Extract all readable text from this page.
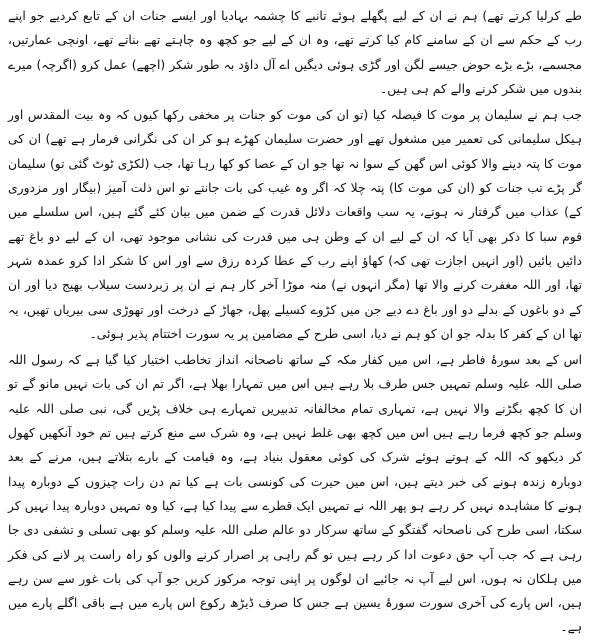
طے کرلیا کرتے تھے) ہم نے ان کے لیے پگھلے ہوئے تانبے کا چشمہ بہادیا اور ایسے جنات ان کے تابع کردیے جو اپنے رب کے حکم سے ان کے سامنے کام کیا کرتے تھے، وہ ان کے لیے جو کچھ وہ چاہتے تھے بناتے تھے، اونچی عمارتیں، مجسمے، بڑے بڑے حوض جیسے لگن اور گڑی ہوئی دیگیں اے آل داؤد بہ طور شکر (اچھے) عمل کرو (اگرچہ) میرے بندوں میں شکر کرنے والے کم ہی ہیں۔

جب ہم نے سلیمان پر موت کا فیصلہ کیا (تو ان کی موت کو جنات پر مخفی رکھا کیوں کہ وہ بیت المقدس اور ہیکل سلیمانی کی تعمیر میں مشغول تھے اور حضرت سلیمان کھڑے ہو کر ان کی نگرانی فرمار ہے تھے) ان کی موت کا پتہ دینے والا کوئی اس گھن کے سوا نہ تھا جو ان کے عصا کو کھا رہا تھا، جب (لکڑی ٹوٹ گئی تو) سلیمان گر پڑے تب جنات کو (ان کی موت کا) پتہ چلا کہ اگر وہ غیب کی بات جانتے تو اس ذلت آمیز (بیگار اور مزدوری کے) عذاب میں گرفتار نہ ہوتے، یہ سب واقعات دلائل قدرت کے ضمن میں بیان کئے گئے ہیں، اس سلسلے میں قوم سبا کا ذکر بھی آیا کہ ان کے لیے ان کے وطن ہی میں قدرت کی نشانی موجود تھی، ان کے لیے دو باغ تھے دائیں بائیں (اور انہیں اجازت تھی کہ) کھاؤ اپنے رب کے عطا کردہ رزق سے اور اس کا شکر ادا کرو عمدہ شہر تھا، اور اللہ مغفرت کرنے والا تھا (مگر انہوں نے) منہ موڑا آخر کار ہم نے ان پر زبردست سیلاب بھیج دیا اور ان کے دو باغوں کے بدلے دو اور باغ دے دیے جن میں کڑوے کسیلے پھل، جھاڑ کے درخت اور تھوڑی سی بیریاں تھیں، یہ تھا ان کے کفر کا بدلہ جو ان کو ہم نے دیا، اسی طرح کے مضامین پر یہ سورت اختتام پذیر ہوئی۔

اس کے بعد سورۂ فاطر ہے، اس میں کفار مکہ کے ساتھ ناصحانہ انداز تخاطب اختیار کیا گیا ہے کہ رسول اللہ صلی اللہ علیہ وسلم تمہیں جس طرف بلا رہے ہیں اس میں تمہارا بھلا ہے، اگر تم ان کی بات نہیں مانو گے تو ان کا کچھ بگڑنے والا نہیں ہے، تمہاری تمام مخالفانہ تدبیریں تمہارے ہی خلاف پڑیں گی، نبی صلی اللہ علیہ وسلم جو کچھ فرما رہے ہیں اس میں کچھ بھی غلط نہیں ہے، وہ شرک سے منع کرتے ہیں تم خود آنکھیں کھول کر دیکھو کہ اللہ کے ہوتے ہوئے شرک کی کوئی معقول بنیاد ہے، وہ قیامت کے بارے بتلاتے ہیں، مرنے کے بعد دوبارہ زندہ ہونے کی خبر دیتے ہیں، اس میں حیرت کی کونسی بات ہے کیا تم دن رات چیزوں کے دوبارہ پیدا ہونے کا مشاہدہ نہیں کر رہے ہو پھر اللہ نے تمہیں ایک قطرے سے پیدا کیا ہے، کیا وہ تمہیں دوبارہ پیدا نہیں کر سکتا، اسی طرح کی ناصحانہ گفتگو کے ساتھ سرکار دو عالم صلی اللہ علیہ وسلم کو بھی تسلی و تشفی دی جا رہی ہے کہ جب آپ حق دعوت ادا کر رہے ہیں تو گم راہی پر اصرار کرنے والوں کو راہ راست پر لانے کی فکر میں ہلکان نہ ہوں، اس لیے آپ نہ جائیے ان لوگوں پر اپنی توجہ مرکوز کریں جو آپ کی بات غور سے سن رہے ہیں، اس پارے کی آخری سورت سورۂ یسین ہے جس کا صرف ڈیڑھ رکوع اس پارے میں ہے باقی اگلے پارے میں ہے۔
